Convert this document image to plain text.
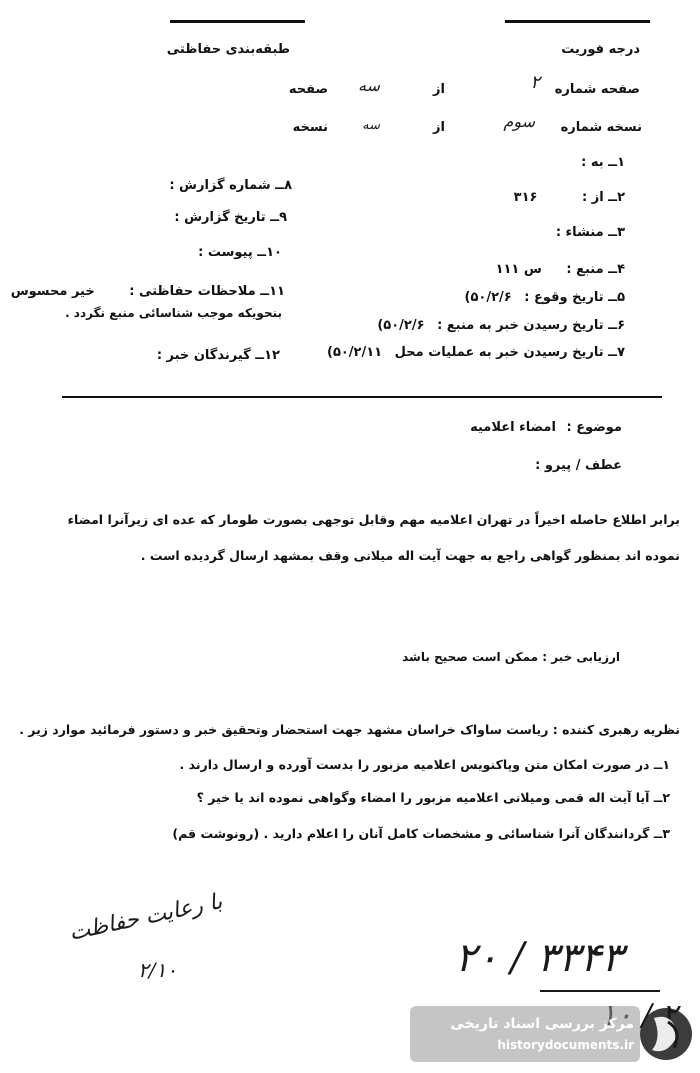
درجه فوریت
طبقه‌بندی حفاظتی
صفحه شماره
۲
از
سه
صفحه
نسخه شماره
سوم
از
سه
نسخه
۱ــ به :
۲ــ از : ۳۱۶
۳ــ منشاء :
۴ــ منبع : س ۱۱۱
۵ــ تاریخ وقوع : ۵۰/۲/۶)
۶ــ تاریخ رسیدن خبر به منبع : ۵۰/۲/۶)
۷ــ تاریخ رسیدن خبر به عملیات محل ۵۰/۲/۱۱)
۸ــ شماره گزارش :
۹ــ تاریخ گزارش :
۱۰ــ پیوست :
۱۱ــ ملاحظات حفاظتی : خیر محسوس
بنحویکه موجب شناسائی منبع نگردد .
۱۲ــ گیرندگان خبر :
موضوع : امضاء اعلامیه
عطف / پیرو :
برابر اطلاع حاصله اخیراً در تهران اعلامیه مهم وقابل توجهی بصورت طومار که عده ای زیرآنرا امضاء
نموده اند بمنظور گواهی راجع به جهت آیت اله میلانی وقف بمشهد ارسال گردیده است .
ارزیابی خبر : ممکن است صحیح باشد
نظریه رهبری کننده : ریاست ساواک خراسان مشهد جهت استحضار وتحقیق خبر و دستور فرمائید موارد زیر .
۱ــ در صورت امکان متن وپاکنویس اعلامیه مزبور را بدست آورده و ارسال دارند .
۲ــ آیا آیت اله قمی ومیلانی اعلامیه مزبور را امضاء وگواهی نموده اند یا خیر ؟
۳ــ گردانندگان آنرا شناسائی و مشخصات کامل آنان را اعلام دارید . (رونوشت قم)
با رعایت حفاظت
۲/۱۰	۳۳۴۳ / ۲۰
/
مرکز بررسی اسناد تاریخی
historydocuments.ir
